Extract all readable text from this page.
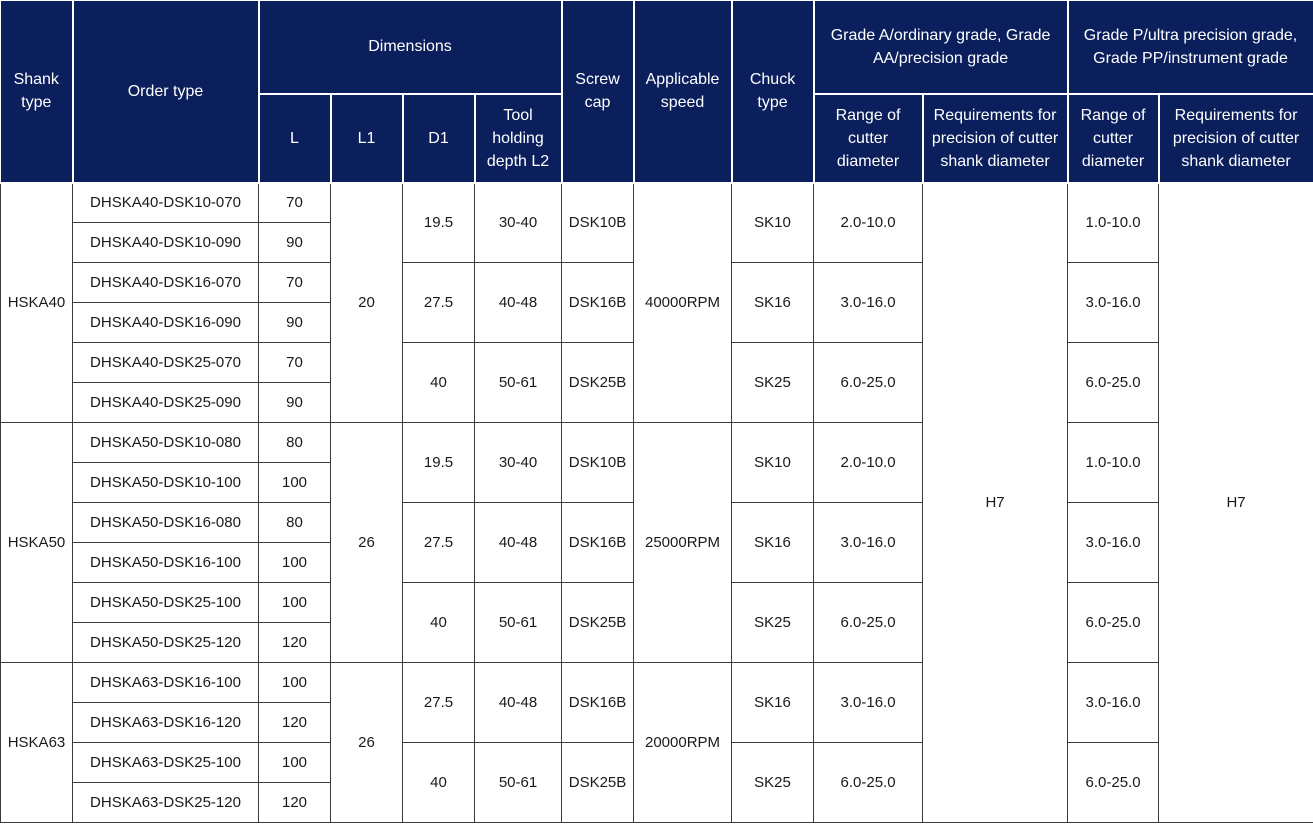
Shank type	Order type	Dimensions				Screw cap	Applicable speed	Chuck type	Grade A/ordinary grade, Grade AA/precision grade		Grade P/ultra precision grade, Grade PP/instrument grade	
		L	L1	D1	Tool holding depth L2				Range of cutter diameter	Requirements for precision of cutter shank diameter	Range of cutter diameter	Requirements for precision of cutter shank diameter
HSKA40	DHSKA40-DSK10-070	70	20	19.5	30-40	DSK10B	40000RPM	SK10	2.0-10.0	H7	1.0-10.0	H7
	DHSKA40-DSK10-090	90										
	DHSKA40-DSK16-070	70		27.5	40-48	DSK16B		SK16	3.0-16.0		3.0-16.0	
	DHSKA40-DSK16-090	90										
	DHSKA40-DSK25-070	70		40	50-61	DSK25B		SK25	6.0-25.0		6.0-25.0	
	DHSKA40-DSK25-090	90										
HSKA50	DHSKA50-DSK10-080	80	26	19.5	30-40	DSK10B	25000RPM	SK10	2.0-10.0		1.0-10.0	
	DHSKA50-DSK10-100	100										
	DHSKA50-DSK16-080	80		27.5	40-48	DSK16B		SK16	3.0-16.0		3.0-16.0	
	DHSKA50-DSK16-100	100										
	DHSKA50-DSK25-100	100		40	50-61	DSK25B		SK25	6.0-25.0		6.0-25.0	
	DHSKA50-DSK25-120	120										
HSKA63	DHSKA63-DSK16-100	100	26	27.5	40-48	DSK16B	20000RPM	SK16	3.0-16.0		3.0-16.0	
	DHSKA63-DSK16-120	120										
	DHSKA63-DSK25-100	100		40	50-61	DSK25B		SK25	6.0-25.0		6.0-25.0	
	DHSKA63-DSK25-120	120										
